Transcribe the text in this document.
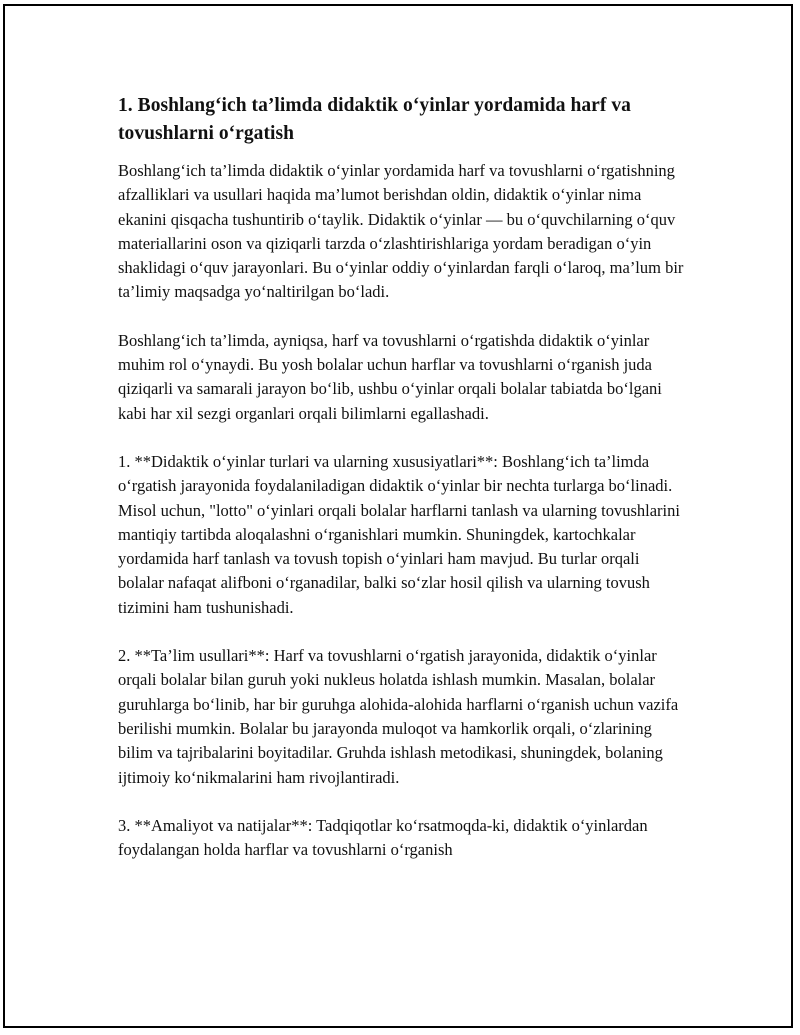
1. Boshlang‘ich ta’limda didaktik o‘yinlar yordamida harf va tovushlarni o‘rgatish

Boshlang‘ich ta’limda didaktik o‘yinlar yordamida harf va tovushlarni o‘rgatishning afzalliklari va usullari haqida ma’lumot berishdan oldin, didaktik o‘yinlar nima ekanini qisqacha tushuntirib o‘taylik. Didaktik o‘yinlar — bu o‘quvchilarning o‘quv materiallarini oson va qiziqarli tarzda o‘zlashtirishlariga yordam beradigan o‘yin shaklidagi o‘quv jarayonlari. Bu o‘yinlar oddiy o‘yinlardan farqli o‘laroq, ma’lum bir ta’limiy maqsadga yo‘naltirilgan bo‘ladi.

Boshlang‘ich ta’limda, ayniqsa, harf va tovushlarni o‘rgatishda didaktik o‘yinlar muhim rol o‘ynaydi. Bu yosh bolalar uchun harflar va tovushlarni o‘rganish juda qiziqarli va samarali jarayon bo‘lib, ushbu o‘yinlar orqali bolalar tabiatda bo‘lgani kabi har xil sezgi organlari orqali bilimlarni egallashadi.

1. **Didaktik o‘yinlar turlari va ularning xususiyatlari**: Boshlang‘ich ta’limda o‘rgatish jarayonida foydalaniladigan didaktik o‘yinlar bir nechta turlarga bo‘linadi. Misol uchun, "lotto" o‘yinlari orqali bolalar harflarni tanlash va ularning tovushlarini mantiqiy tartibda aloqalashni o‘rganishlari mumkin. Shuningdek, kartochkalar yordamida harf tanlash va tovush topish o‘yinlari ham mavjud. Bu turlar orqali bolalar nafaqat alifboni o‘rganadilar, balki so‘zlar hosil qilish va ularning tovush tizimini ham tushunishadi.

2. **Ta’lim usullari**: Harf va tovushlarni o‘rgatish jarayonida, didaktik o‘yinlar orqali bolalar bilan guruh yoki nukleus holatda ishlash mumkin. Masalan, bolalar guruhlarga bo‘linib, har bir guruhga alohida-alohida harflarni o‘rganish uchun vazifa berilishi mumkin. Bolalar bu jarayonda muloqot va hamkorlik orqali, o‘zlarining bilim va tajribalarini boyitadilar. Gruhda ishlash metodikasi, shuningdek, bolaning ijtimoiy ko‘nikmalarini ham rivojlantiradi.

3. **Amaliyot va natijalar**: Tadqiqotlar ko‘rsatmoqda-ki, didaktik o‘yinlardan foydalangan holda harflar va tovushlarni o‘rganish
